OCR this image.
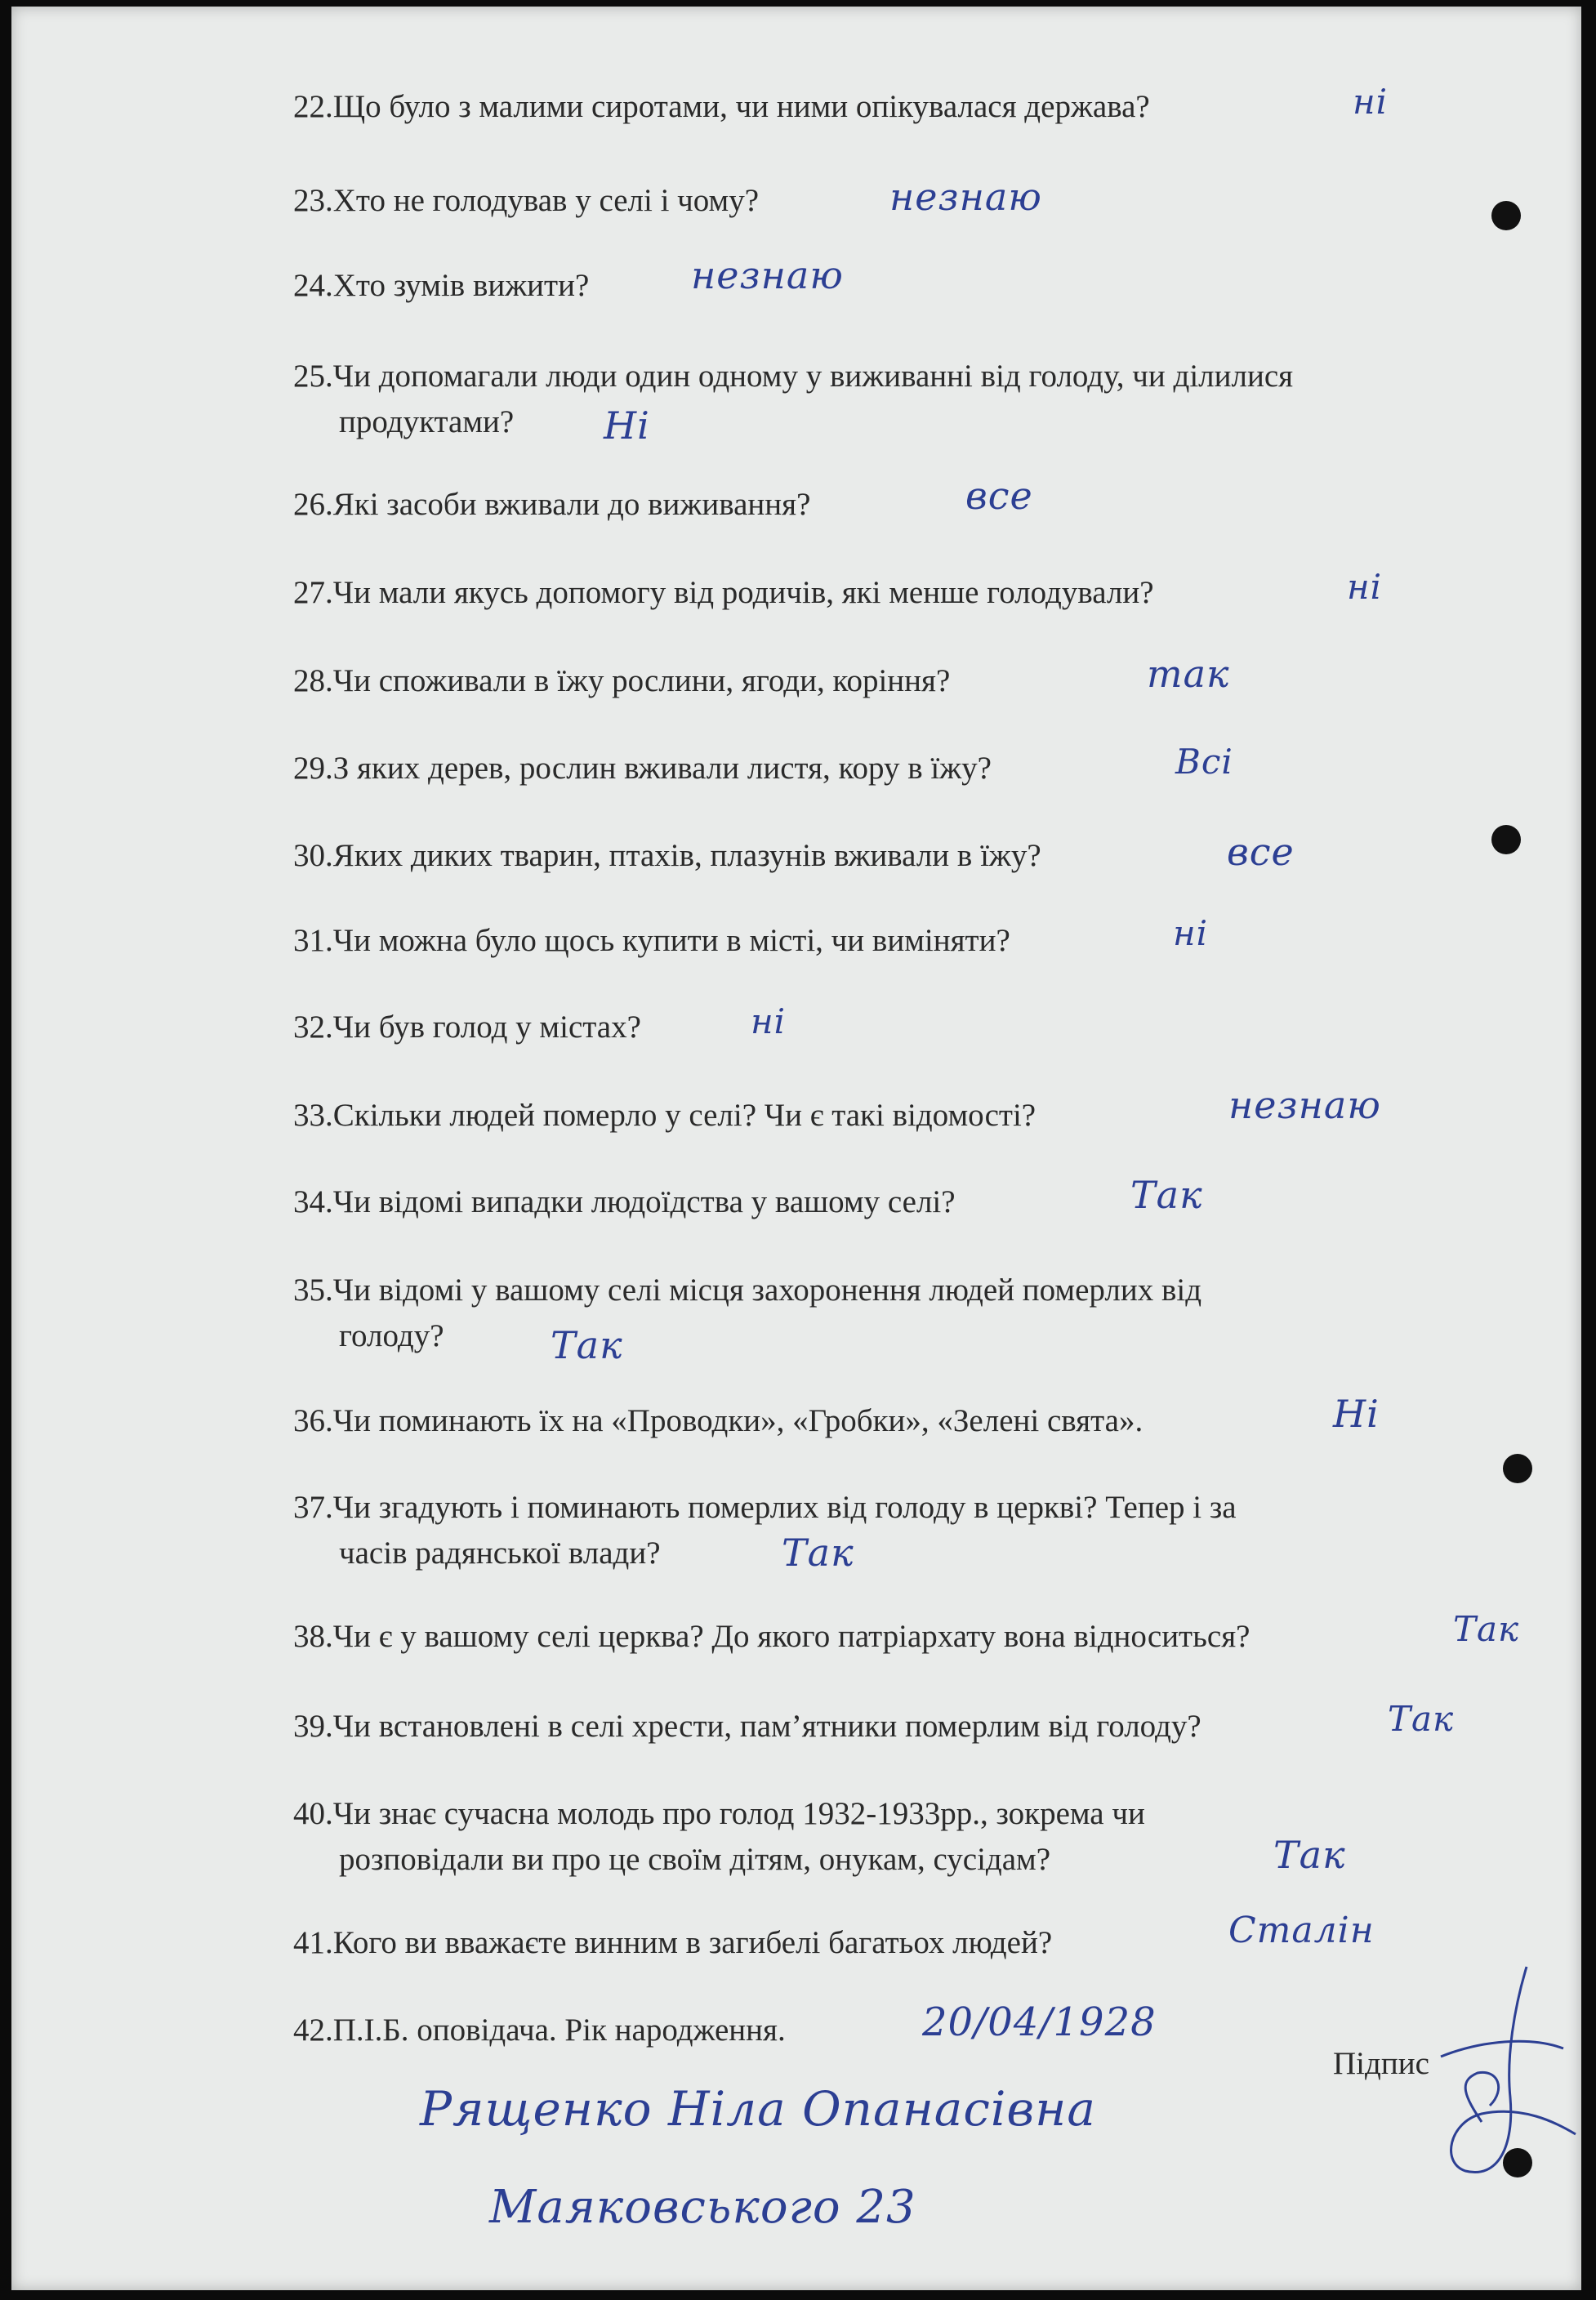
22.Що було з малими сиротами, чи ними опікувалася держава?	ні
23.Хто не голодував у селі і чому?	незнаю
24.Хто зумів вижити?	незнаю
25.Чи допомагали люди один одному у виживанні від голоду, чи ділилися
продуктами?	Ні
26.Які засоби вживали до виживання?	все
27.Чи мали якусь допомогу від родичів, які менше голодували?	ні
28.Чи споживали в їжу рослини, ягоди, коріння?	так
29.З яких дерев, рослин вживали листя, кору в їжу?	Всі
30.Яких диких тварин, птахів, плазунів вживали в їжу?	все
31.Чи можна було щось купити в місті, чи виміняти?	ні
32.Чи був голод у містах?	ні
33.Скільки людей померло у селі? Чи є такі відомості?	незнаю
34.Чи відомі випадки людоїдства у вашому селі?	Так
35.Чи відомі у вашому селі місця захоронення людей померлих від
голоду?	Так
36.Чи поминають їх на «Проводки», «Гробки», «Зелені свята».	Ні
37.Чи згадують і поминають померлих від голоду в церкві? Тепер і за
часів радянської влади?	Так
38.Чи є у вашому селі церква? До якого патріархату вона відноситься?	Так
39.Чи встановлені в селі хрести, пам’ятники померлим від голоду?	Так
40.Чи знає сучасна молодь про голод 1932-1933рр., зокрема чи
розповідали ви про це своїм дітям, онукам, сусідам?	Так
41.Кого ви вважаєте винним в загибелі багатьох людей?	Сталін
42.П.І.Б. оповідача. Рік народження.	20/04/1928
Рященко Ніла Опанасівна
Маяковського 23
Підпис
